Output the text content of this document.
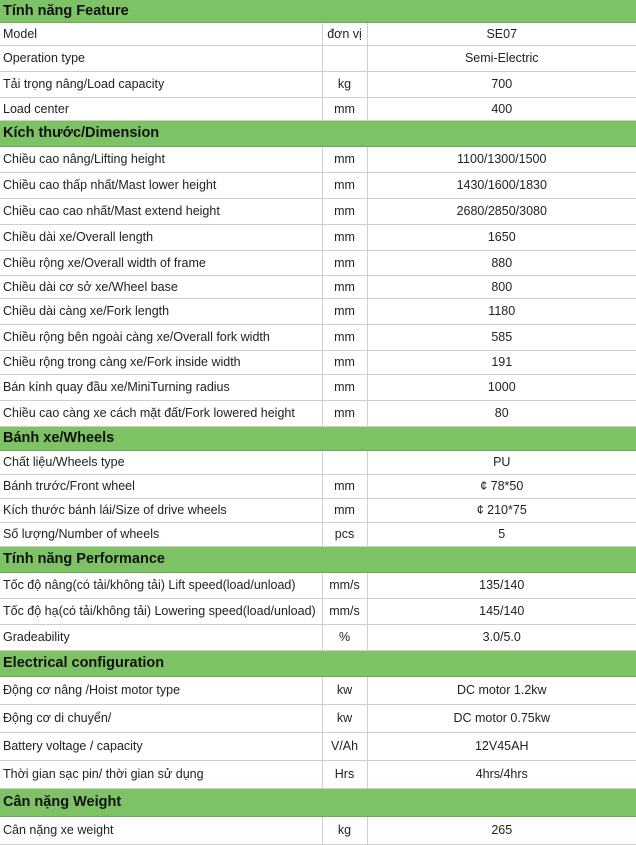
Tính năng Feature		
Model	đơn vị	SE07
Operation type		Semi-Electric
Tải trọng nâng/Load capacity	kg	700
Load center	mm	400
Kích thước/Dimension		
Chiều cao nâng/Lifting height	mm	1100/1300/1500
Chiều cao thấp nhất/Mast lower height	mm	1430/1600/1830
Chiều cao cao nhất/Mast extend height	mm	2680/2850/3080
Chiều dài xe/Overall length	mm	1650
Chiều rộng xe/Overall width of frame	mm	880
Chiều dài cơ sở xe/Wheel base	mm	800
Chiều dài càng xe/Fork length	mm	1180
Chiều rộng bên ngoài càng xe/Overall fork width	mm	585
Chiều rộng trong càng xe/Fork inside width	mm	191
Bán kính quay đầu xe/MiniTurning radius	mm	1000
Chiều cao càng xe cách mặt đất/Fork lowered height	mm	80
Bánh xe/Wheels		
Chất liệu/Wheels type		PU
Bánh trước/Front wheel	mm	¢ 78*50
Kích thước bánh lái/Size of drive wheels	mm	¢ 210*75
Số lượng/Number of wheels	pcs	5
Tính năng Performance		
Tốc độ nâng(có tải/không tải) Lift speed(load/unload)	mm/s	135/140
Tốc độ hạ(có tải/không tải) Lowering speed(load/unload)	mm/s	145/140
Gradeability	%	3.0/5.0
Electrical configuration		
Động cơ nâng /Hoist motor type	kw	DC motor 1.2kw
Động cơ di chuyển/	kw	DC motor 0.75kw
Battery voltage / capacity	V/Ah	12V45AH
Thời gian sạc pin/ thời gian sử dụng	Hrs	4hrs/4hrs
Cân nặng Weight		
Cân nặng xe weight	kg	265
